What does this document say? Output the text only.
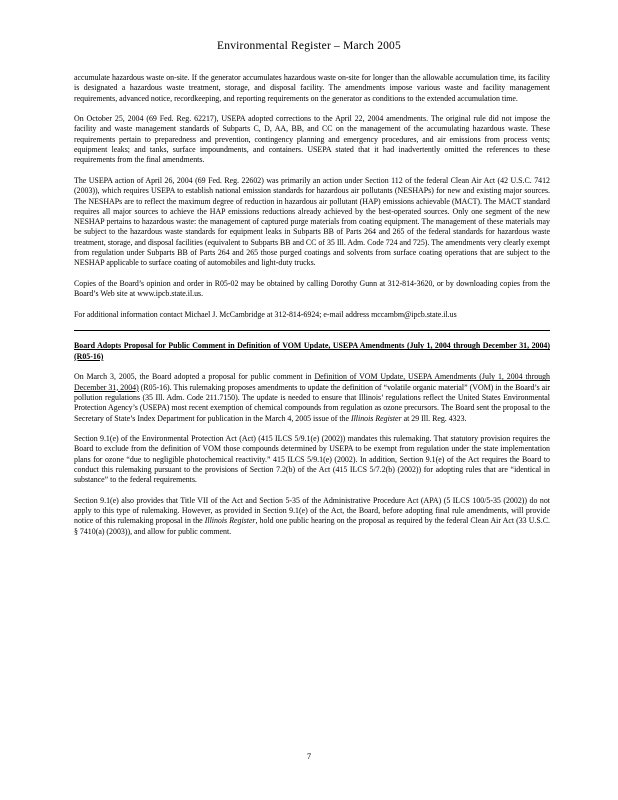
Environmental Register – March 2005

accumulate hazardous waste on-site. If the generator accumulates hazardous waste on-site for longer than the allowable accumulation time, its facility is designated a hazardous waste treatment, storage, and disposal facility. The amendments impose various waste and facility management requirements, advanced notice, recordkeeping, and reporting requirements on the generator as conditions to the extended accumulation time.

On October 25, 2004 (69 Fed. Reg. 62217), USEPA adopted corrections to the April 22, 2004 amendments. The original rule did not impose the facility and waste management standards of Subparts C, D, AA, BB, and CC on the management of the accumulating hazardous waste. These requirements pertain to preparedness and prevention, contingency planning and emergency procedures, and air emissions from process vents; equipment leaks; and tanks, surface impoundments, and containers. USEPA stated that it had inadvertently omitted the references to these requirements from the final amendments.

The USEPA action of April 26, 2004 (69 Fed. Reg. 22602) was primarily an action under Section 112 of the federal Clean Air Act (42 U.S.C. 7412 (2003)), which requires USEPA to establish national emission standards for hazardous air pollutants (NESHAPs) for new and existing major sources. The NESHAPs are to reflect the maximum degree of reduction in hazardous air pollutant (HAP) emissions achievable (MACT). The MACT standard requires all major sources to achieve the HAP emissions reductions already achieved by the best-operated sources. Only one segment of the new NESHAP pertains to hazardous waste: the management of captured purge materials from coating equipment. The management of these materials may be subject to the hazardous waste standards for equipment leaks in Subparts BB of Parts 264 and 265 of the federal standards for hazardous waste treatment, storage, and disposal facilities (equivalent to Subparts BB and CC of 35 Ill. Adm. Code 724 and 725). The amendments very clearly exempt from regulation under Subparts BB of Parts 264 and 265 those purged coatings and solvents from surface coating operations that are subject to the NESHAP applicable to surface coating of automobiles and light-duty trucks.

Copies of the Board’s opinion and order in R05-02 may be obtained by calling Dorothy Gunn at 312-814-3620, or by downloading copies from the Board’s Web site at www.ipcb.state.il.us.

For additional information contact Michael J. McCambridge at 312-814-6924; e-mail address mccambm@ipcb.state.il.us

Board Adopts Proposal for Public Comment in Definition of VOM Update, USEPA Amendments (July 1, 2004 through December 31, 2004) (R05-16)

On March 3, 2005, the Board adopted a proposal for public comment in Definition of VOM Update, USEPA Amendments (July 1, 2004 through December 31, 2004) (R05-16). This rulemaking proposes amendments to update the definition of “volatile organic material” (VOM) in the Board’s air pollution regulations (35 Ill. Adm. Code 211.7150). The update is needed to ensure that Illinois’ regulations reflect the United States Environmental Protection Agency’s (USEPA) most recent exemption of chemical compounds from regulation as ozone precursors. The Board sent the proposal to the Secretary of State’s Index Department for publication in the March 4, 2005 issue of the Illinois Register at 29 Ill. Reg. 4323.

Section 9.1(e) of the Environmental Protection Act (Act) (415 ILCS 5/9.1(e) (2002)) mandates this rulemaking. That statutory provision requires the Board to exclude from the definition of VOM those compounds determined by USEPA to be exempt from regulation under the state implementation plans for ozone “due to negligible photochemical reactivity.” 415 ILCS 5/9.1(e) (2002). In addition, Section 9.1(e) of the Act requires the Board to conduct this rulemaking pursuant to the provisions of Section 7.2(b) of the Act (415 ILCS 5/7.2(b) (2002)) for adopting rules that are “identical in substance” to the federal requirements.

Section 9.1(e) also provides that Title VII of the Act and Section 5-35 of the Administrative Procedure Act (APA) (5 ILCS 100/5-35 (2002)) do not apply to this type of rulemaking. However, as provided in Section 9.1(e) of the Act, the Board, before adopting final rule amendments, will provide notice of this rulemaking proposal in the Illinois Register, hold one public hearing on the proposal as required by the federal Clean Air Act (33 U.S.C. § 7410(a) (2003)), and allow for public comment.

7
